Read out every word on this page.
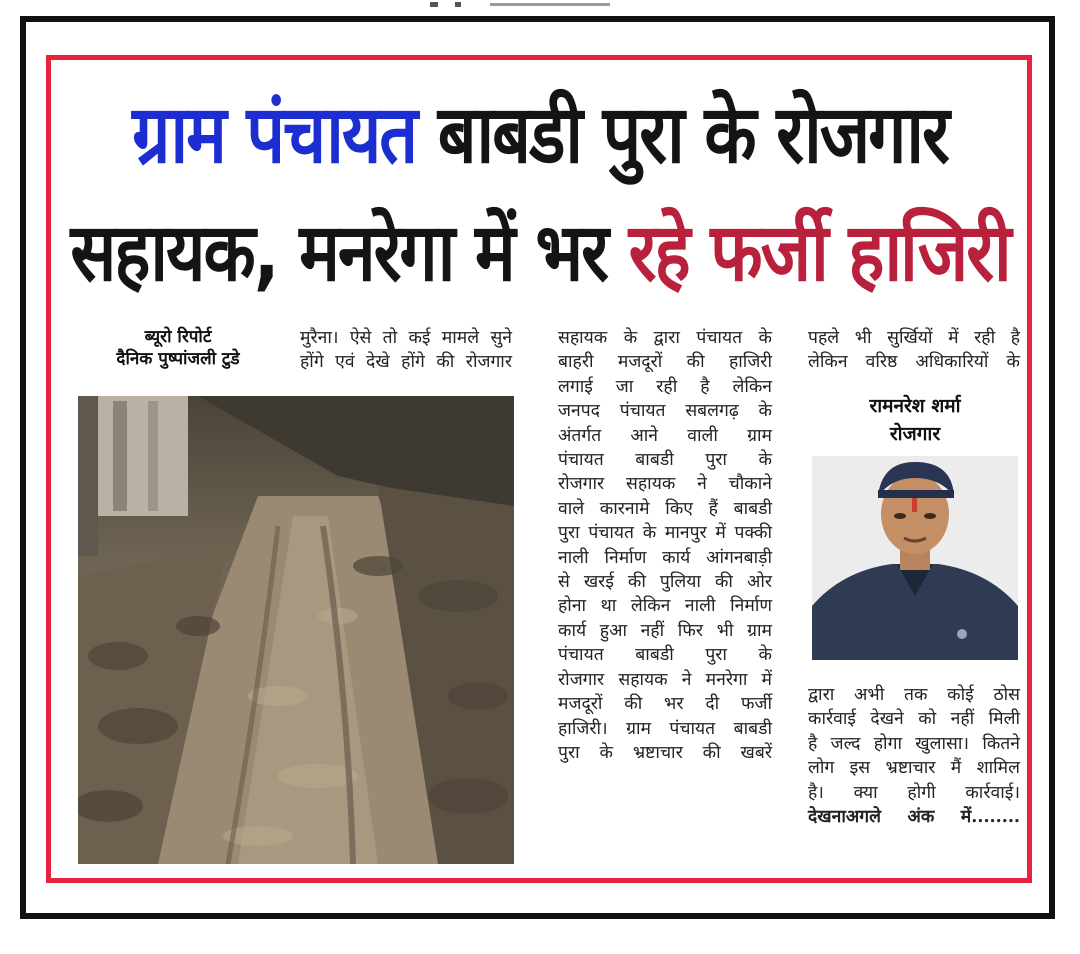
ग्राम पंचायत बाबडी पुरा के रोजगार
सहायक, मनरेगा में भर रहे फर्जी हाजिरी
ब्यूरो रिपोर्ट
दैनिक पुष्पांजली टुडे

मुरैना। ऐसे तो कई मामले सुने

होंगे एवं देखे होंगे की रोजगार

सहायक के द्वारा पंचायत के

बाहरी मजदूरों की हाजिरी

लगाई जा रही है लेकिन

जनपद पंचायत सबलगढ़ के

अंतर्गत आने वाली ग्राम

पंचायत बाबडी पुरा के

रोजगार सहायक ने चौकाने

वाले कारनामे किए हैं बाबडी

पुरा पंचायत के मानपुर में पक्की

नाली निर्माण कार्य आंगनबाड़ी

से खरई की पुलिया की ओर

होना था लेकिन नाली निर्माण

कार्य हुआ नहीं फिर भी ग्राम

पंचायत बाबडी पुरा के

रोजगार सहायक ने मनरेगा में

मजदूरों की भर दी फर्जी

हाजिरी। ग्राम पंचायत बाबडी

पुरा के भ्रष्टाचार की खबरें

पहले भी सुर्खियों में रही है

लेकिन वरिष्ठ अधिकारियों के

रामनरेश शर्मा
रोजगार

द्वारा अभी तक कोई ठोस

कार्रवाई देखने को नहीं मिली

है जल्द होगा खुलासा। कितने

लोग इस भ्रष्टाचार मैं शामिल

है। क्या होगी कार्रवाई।

देखनाअगले अंक में........
